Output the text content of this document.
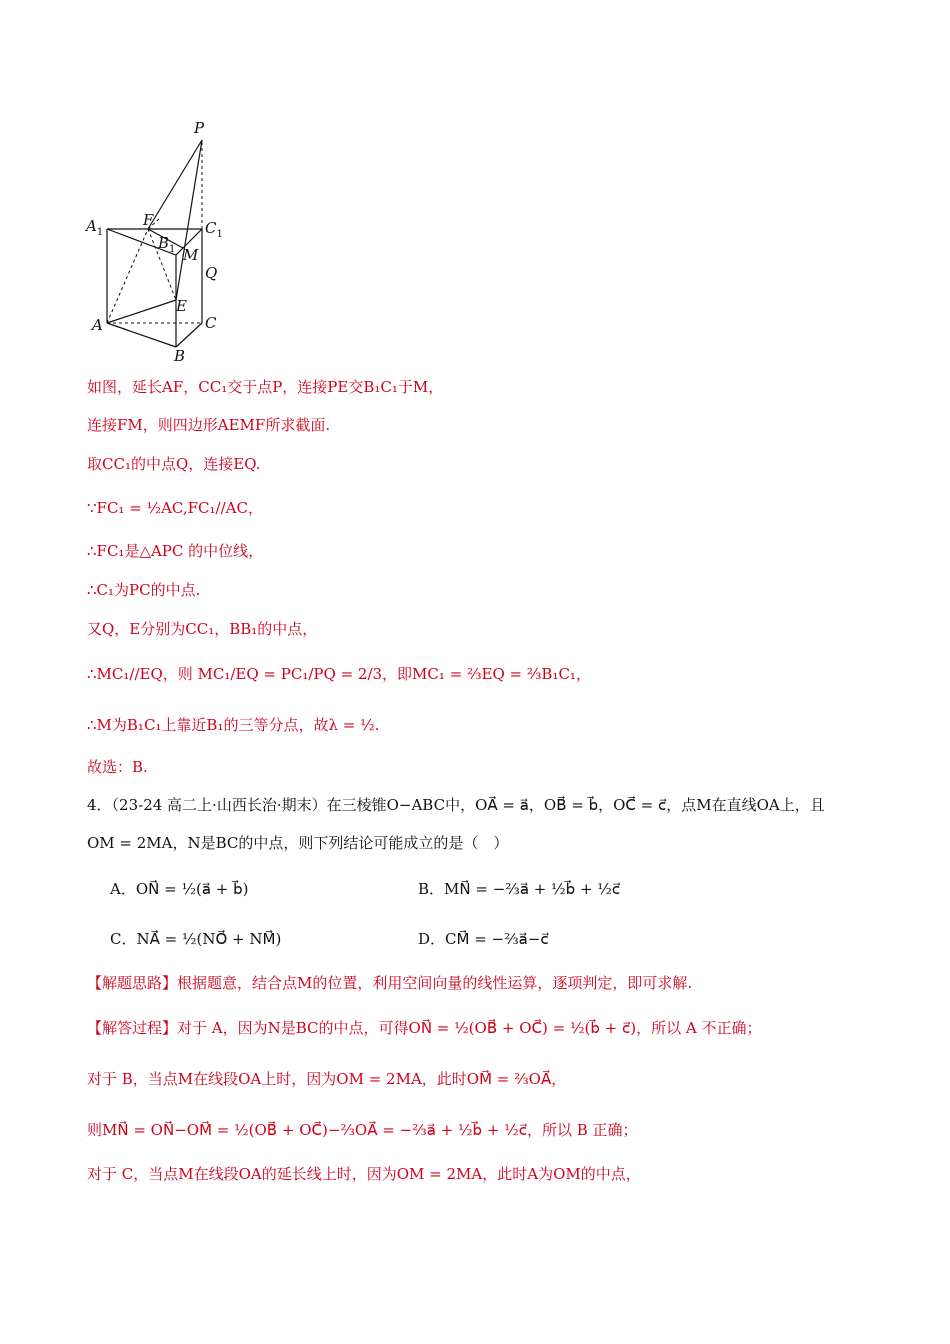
P
F
$A_1$	$C_1$
$B_1$ M
Q
E
A	C
B
如图，延长AF，CC₁交于点P，连接PE交B₁C₁于M，
连接FM，则四边形AEMF所求截面.
取CC₁的中点Q，连接EQ.
∵FC₁ = ½AC,FC₁//AC，
∴FC₁是△APC 的中位线，
∴C₁为PC的中点.
又Q，E分别为CC₁，BB₁的中点，
∴MC₁//EQ，则 MC₁/EQ = PC₁/PQ = 2/3，即MC₁ = ⅔EQ = ⅔B₁C₁，
∴M为B₁C₁上靠近B₁的三等分点，故λ = ½.
故选：B.
4．（23-24 高二上·山西长治·期末）在三棱锥O−ABC中，OA⃗ = a⃗，OB⃗ = b⃗，OC⃗ = c⃗，点M在直线OA上，且
OM = 2MA，N是BC的中点，则下列结论可能成立的是（　）
A．ON⃗ = ½(a⃗ + b⃗)	B．MN⃗ = −⅔a⃗ + ½b⃗ + ½c⃗
C．NA⃗ = ½(NO⃗ + NM⃗)	D．CM⃗ = −⅔a⃗−c⃗
【解题思路】根据题意，结合点M的位置，利用空间向量的线性运算，逐项判定，即可求解.
【解答过程】对于 A，因为N是BC的中点，可得ON⃗ = ½(OB⃗ + OC⃗) = ½(b⃗ + c⃗)，所以 A 不正确；
对于 B，当点M在线段OA上时，因为OM = 2MA，此时OM⃗ = ⅔OA⃗，
则MN⃗ = ON⃗−OM⃗ = ½(OB⃗ + OC⃗)−⅔OA⃗ = −⅔a⃗ + ½b⃗ + ½c⃗，所以 B 正确；
对于 C，当点M在线段OA的延长线上时，因为OM = 2MA，此时A为OM的中点，
